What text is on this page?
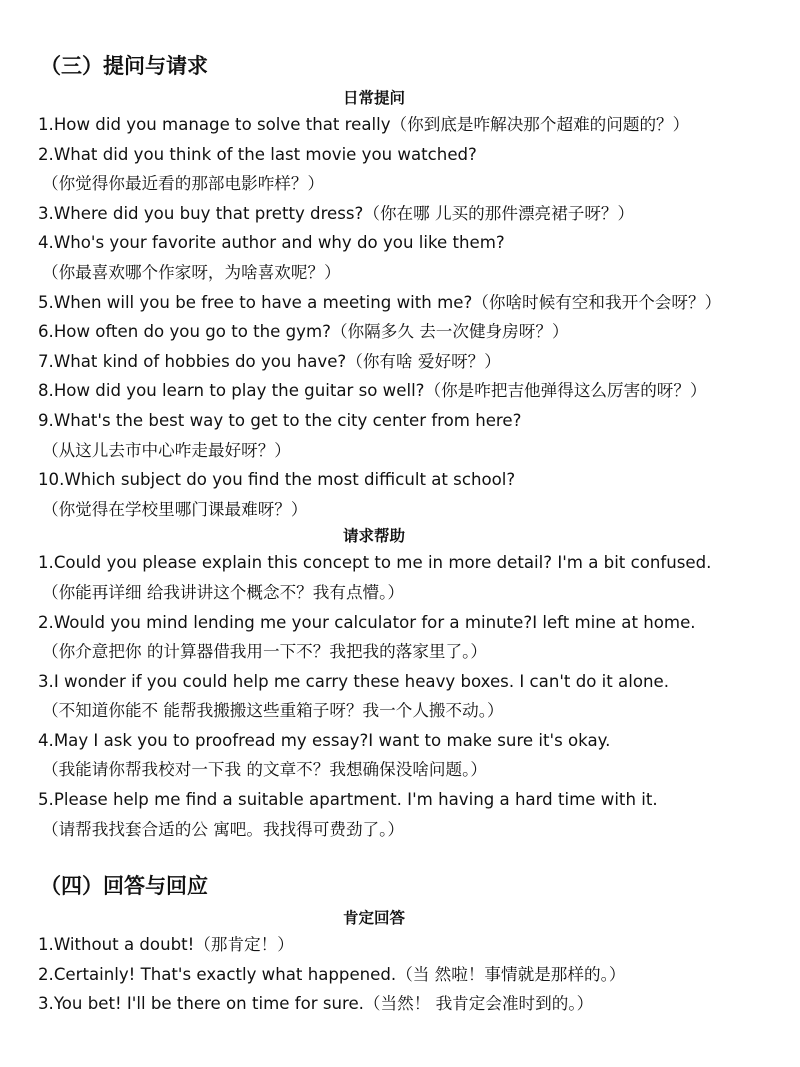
（三）提问与请求
日常提问
1.How did you manage to solve that really（你到底是咋解决那个超难的问题的？）
2.What did you think of the last movie you watched?
（你觉得你最近看的那部电影咋样？）
3.Where did you buy that pretty dress?（你在哪 儿买的那件漂亮裙子呀？）
4.Who's your favorite author and why do you like them?
（你最喜欢哪个作家呀，为啥喜欢呢？）
5.When will you be free to have a meeting with me?（你啥时候有空和我开个会呀？）
6.How often do you go to the gym?（你隔多久 去一次健身房呀？）
7.What kind of hobbies do you have?（你有啥 爱好呀？）
8.How did you learn to play the guitar so well?（你是咋把吉他弹得这么厉害的呀？）
9.What's the best way to get to the city center from here?
（从这儿去市中心咋走最好呀？）
10.Which subject do you find the most difficult at school?
（你觉得在学校里哪门课最难呀？）
请求帮助
1.Could you please explain this concept to me in more detail? I'm a bit confused.
（你能再详细 给我讲讲这个概念不？我有点懵。）
2.Would you mind lending me your calculator for a minute?I left mine at home.
（你介意把你 的计算器借我用一下不？我把我的落家里了。）
3.I wonder if you could help me carry these heavy boxes. I can't do it alone.
（不知道你能不 能帮我搬搬这些重箱子呀？我一个人搬不动。）
4.May I ask you to proofread my essay?I want to make sure it's okay.
（我能请你帮我校对一下我 的文章不？我想确保没啥问题。）
5.Please help me find a suitable apartment. I'm having a hard time with it.
（请帮我找套合适的公 寓吧。我找得可费劲了。）
（四）回答与回应
肯定回答
1.Without a doubt!（那肯定！）
2.Certainly! That's exactly what happened.（当 然啦！事情就是那样的。）
3.You bet! I'll be there on time for sure.（当然！ 我肯定会准时到的。）
